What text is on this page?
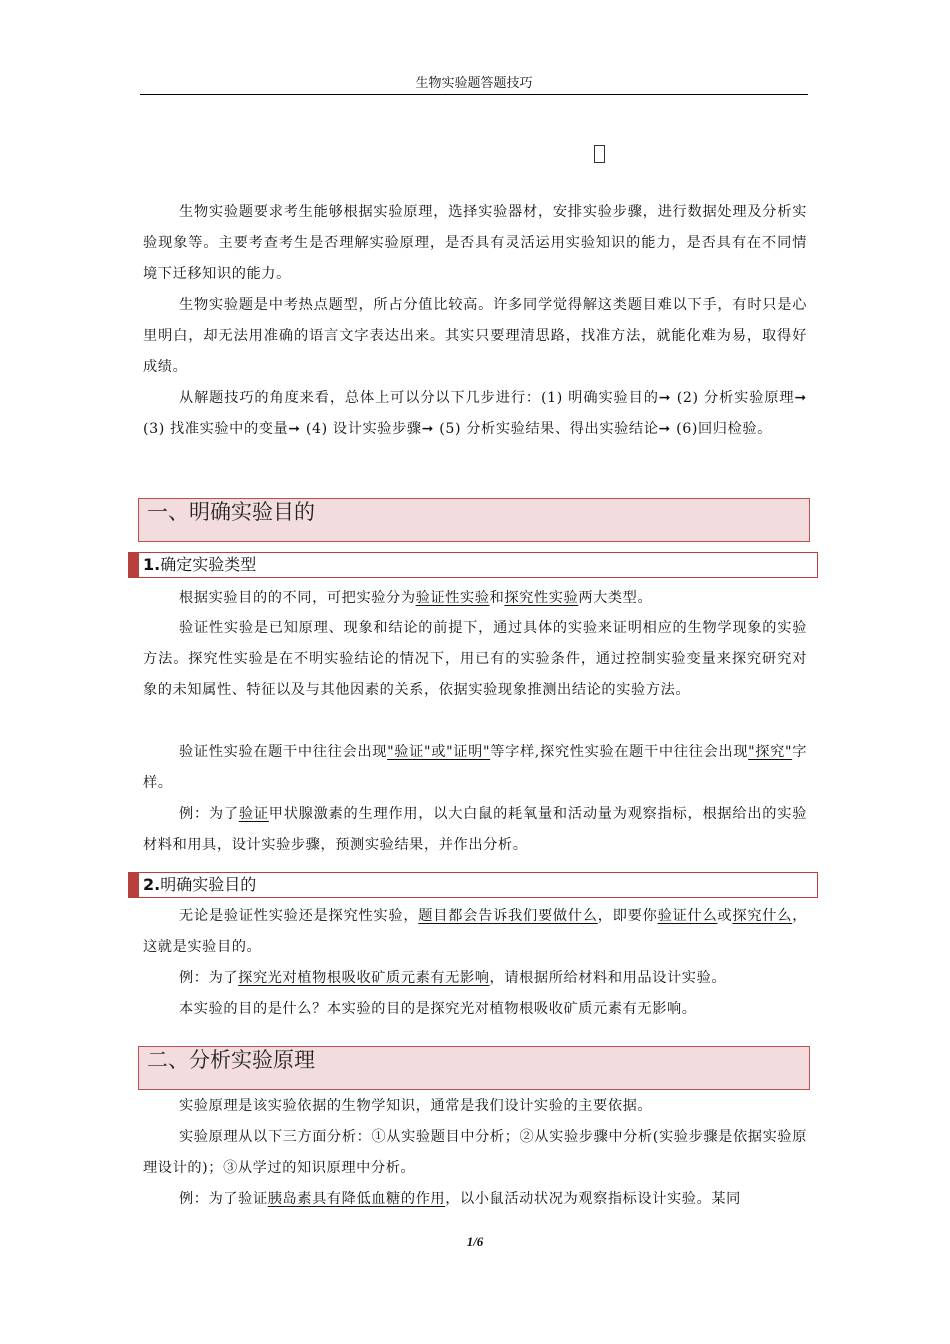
生物实验题答题技巧

生物实验题要求考生能够根据实验原理，选择实验器材，安排实验步骤，进行数据处理及分析实验现象等。主要考查考生是否理解实验原理，是否具有灵活运用实验知识的能力，是否具有在不同情境下迁移知识的能力。

生物实验题是中考热点题型，所占分值比较高。许多同学觉得解这类题目难以下手，有时只是心里明白，却无法用准确的语言文字表达出来。其实只要理清思路，找准方法，就能化难为易，取得好成绩。

从解题技巧的角度来看，总体上可以分以下几步进行：(1) 明确实验目的➞ (2) 分析实验原理➞ (3) 找准实验中的变量➞ (4) 设计实验步骤➞ (5) 分析实验结果、得出实验结论➞ (6)回归检验。

一、明确实验目的
1.确定实验类型

根据实验目的的不同，可把实验分为验证性实验和探究性实验两大类型。

验证性实验是已知原理、现象和结论的前提下，通过具体的实验来证明相应的生物学现象的实验方法。探究性实验是在不明实验结论的情况下，用已有的实验条件，通过控制实验变量来探究研究对象的未知属性、特征以及与其他因素的关系，依据实验现象推测出结论的实验方法。

验证性实验在题干中往往会出现"验证"或"证明"等字样,探究性实验在题干中往往会出现"探究"字样。

例：为了验证甲状腺激素的生理作用，以大白鼠的耗氧量和活动量为观察指标，根据给出的实验材料和用具，设计实验步骤，预测实验结果，并作出分析。

2.明确实验目的

无论是验证性实验还是探究性实验，题目都会告诉我们要做什么，即要你验证什么或探究什么，这就是实验目的。

例：为了探究光对植物根吸收矿质元素有无影响，请根据所给材料和用品设计实验。

本实验的目的是什么？本实验的目的是探究光对植物根吸收矿质元素有无影响。

二、分析实验原理

实验原理是该实验依据的生物学知识，通常是我们设计实验的主要依据。

实验原理从以下三方面分析：①从实验题目中分析；②从实验步骤中分析(实验步骤是依据实验原理设计的)；③从学过的知识原理中分析。

例：为了验证胰岛素具有降低血糖的作用，以小鼠活动状况为观察指标设计实验。某同

1/6
